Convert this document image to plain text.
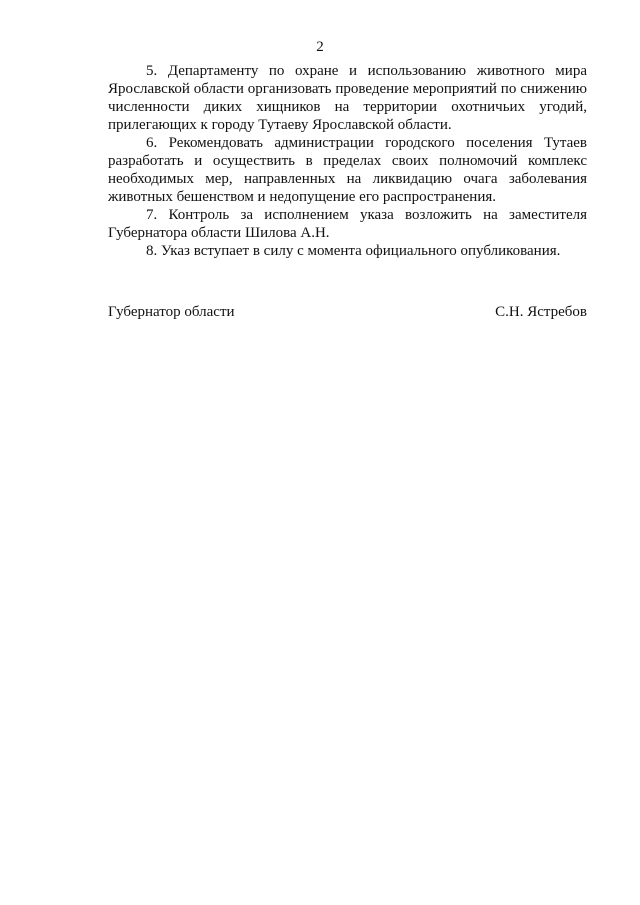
2

5. Департаменту по охране и использованию животного мира Ярославской области организовать проведение мероприятий по снижению численности диких хищников на территории охотничьих угодий, прилегающих к городу Тутаеву Ярославской области.

6. Рекомендовать администрации городского поселения Тутаев разработать и осуществить в пределах своих полномочий комплекс необходимых мер, направленных на ликвидацию очага заболевания животных бешенством и недопущение его распространения.

7. Контроль за исполнением указа возложить на заместителя Губернатора области Шилова А.Н.

8. Указ вступает в силу с момента официального опубликования.

Губернатор области	С.Н. Ястребов
